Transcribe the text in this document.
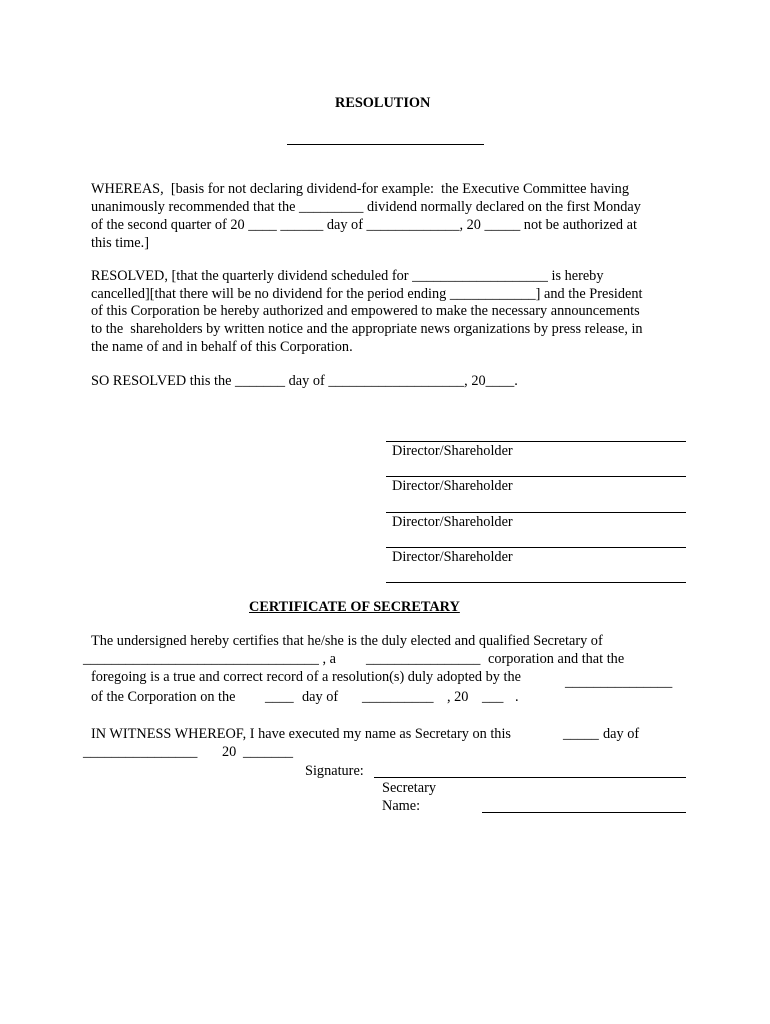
RESOLUTION
WHEREAS,  [basis for not declaring dividend-for example:  the Executive Committee having
unanimously recommended that the _________ dividend normally declared on the first Monday
of the second quarter of 20 ____ ______ day of _____________, 20 _____ not be authorized at
this time.]
RESOLVED, [that the quarterly dividend scheduled for ___________________ is hereby
cancelled][that there will be no dividend for the period ending ____________] and the President
of this Corporation be hereby authorized and empowered to make the necessary announcements
to the  shareholders by written notice and the appropriate news organizations by press release, in
the name of and in behalf of this Corporation.
SO RESOLVED this the _______ day of ___________________, 20____.
Director/Shareholder
Director/Shareholder
Director/Shareholder
Director/Shareholder
CERTIFICATE OF SECRETARY
The undersigned hereby certifies that he/she is the duly elected and qualified Secretary of
_________________________________ , a ________________ corporation and that the
foregoing is a true and correct record of a resolution(s) duly adopted by the	_______________
of the Corporation on the ____ day of __________ , 20 ___ .
IN WITNESS WHEREOF, I have executed my name as Secretary on this	_____ day of
________________ 20 _______
Signature:
Secretary
Name:
